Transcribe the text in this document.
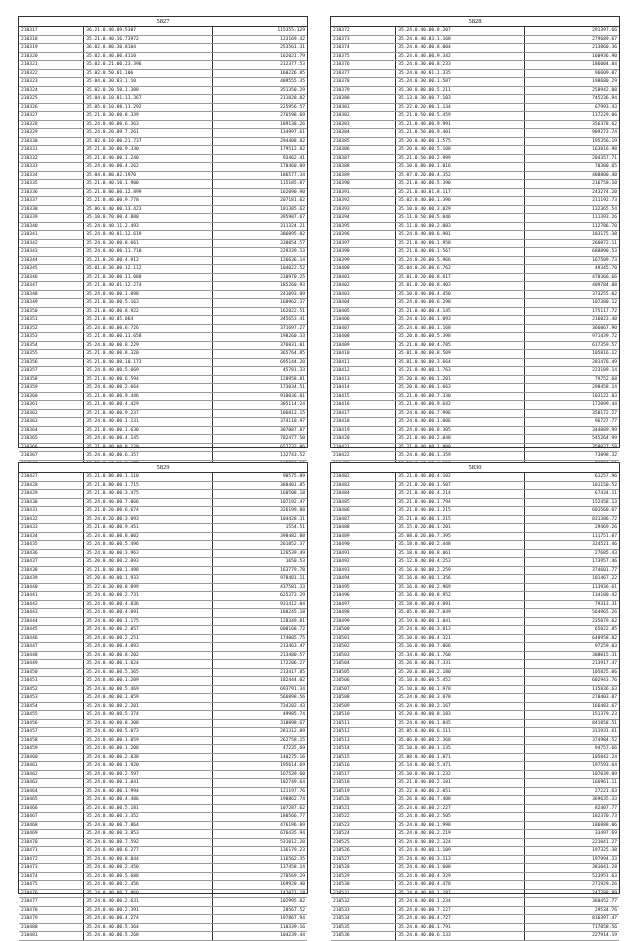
5827
210317	36.21.0.40.09.5307	115355.129
210318	35.21.0.40.16.73972	123169.42
210319	36.02.0.80.30.8104	253561.31
210320	35.02.0.40.00.4110	162021.79
210321	35.02.0.21.00.23.396	212377.53
210322	35.02.0.50.01.106	160226.85
210323	35.04.0.30.03.1.10	489555.35
210324	35.02.0.20.50.1.308	351350.29
210325	35.04.0.10.01.11.367	211028.02
210326	35.05.0.10.08.11.292	225956.57
210327	35.21.0.30.00.8.339	276598.69
210328	35.24.0.40.00.6.363	189138.26
210329	35.24.0.20.09.7.261	134997.61
210330	35.02.0.10.00.21.737	294408.82
210331	35.21.0.30.00.9.330	179512.82
210332	35.21.0.40.00.1.240	93462.41
210333	35.24.0.40.00.4.262	178460.09
210334	35.04.0.80.02.1970	186577.34
210335	35.21.0.40.10.1.900	115185.87
210336	35.21.0.80.00.12.899	162090.90
210337	35.21.0.40.00.9.778	207181.62
210338	35.06.0.40.00.13.423	101385.62
210339	35.10.0.70.00.4.880	395987.67
210340	35.24.0.40.11.2.493	311324.21
210341	35.24.0.40.01.12.619	386095.02
210342	35.24.0.30.00.8.661	338054.57
210343	35.24.0.40.00.11.710	229339.13
210344	35.21.0.20.00.4.912	126636.14
210345	35.01.0.30.00.12.112	104022.52
210346	35.21.0.30.00.11.080	230970.25
210347	35.21.0.40.01.12.274	185260.93
210348	35.24.0.40.00.1.098	241093.09
210349	35.21.0.30.00.5.163	160962.37
210350	35.21.0.40.00.8.922	162822.51
210351	35.21.0.40.05.064	345653.41
210352	35.24.0.40.00.6.726	371697.27
210353	35.21.0.40.00.11.658	198260.33
210354	35.24.0.40.00.8.229	376831.01
210355	35.21.0.40.00.8.320	365764.85
210356	35.21.0.40.00.10.173	695144.20
210357	35.24.0.40.00.5.669	45781.33
210358	35.21.0.40.00.6.594	128958.81
210359	35.24.0.40.00.2.664	173034.51
210360	35.21.0.40.00.9.446	910036.01
210361	35.21.0.40.00.4.429	305114.24
210362	35.21.0.40.00.9.237	106813.15
210363	35.24.0.40.00.1.131	374118.97
210364	35.21.0.40.00.1.630	307087.87
210365	35.24.0.40.00.4.145	782477.50
210366	35.21.0.40.00.8.229	657732.86
210367	35.24.0.40.00.6.357	132743.52

5828
210372	35.24.0.40.00.8.207	291397.66
210373	35.24.0.40.03.1.168	279689.67
210374	35.24.0.40.00.8.004	213860.36
210375	35.24.0.40.00.9.342	160936.90
210376	35.24.0.30.00.8.233	186004.84
210377	35.24.0.40.01.1.335	96609.07
210378	35.24.0.30.00.1.587	198680.29
210379	35.30.0.80.00.5.211	258942.08
210380	35.13.0.30.00.7.103	745236.94
210381	35.22.0.20.00.1.134	67993.43
210382	35.21.0.50.00.5.459	117229.06
210383	35.21.0.40.00.9.991	356378.62
210384	35.21.0.50.00.9.401	989273.74
210385	35.20.0.40.00.1.575	195356.19
210386	35.20.0.40.00.5.108	163816.98
210387	35.21.0.50.00.2.999	204357.71
210388	35.10.0.80.00.1.016	70300.65
210389	35.07.0.20.00.4.352	408800.40
210390	35.21.0.40.00.5.390	216758.10
210391	35.21.0.40.01.8.117	243274.20
210392	35.02.0.40.00.1.390	211192.73
210393	35.10.0.40.00.3.029	132365.54
210394	35.11.0.50.00.5.046	111393.26
210395	35.11.0.40.00.2.083	112786.70
210396	35.24.0.40.00.6.901	183175.38
210397	35.21.0.40.00.1.958	266072.11
210398	35.21.0.40.00.1.567	688890.53
210399	35.24.0.20.00.5.966	167509.73
210400	35.04.0.20.00.6.762	49345.70
210401	35.01.0.20.00.8.617	470366.66
210402	35.01.0.20.00.8.403	409784.08
210403	35.10.0.40.00.4.450	373255.02
210404	35.24.0.40.00.6.298	107380.12
210405	35.21.0.40.00.4.145	175117.72
210406	35.24.0.10.00.1.093	216023.40
210407	35.24.0.40.00.1.168	366067.90
210408	35.20.0.40.00.5.398	971439.72
210409	35.21.0.40.00.4.705	617359.57
210410	35.01.0.40.00.8.509	105816.12
210411	35.01.0.40.00.3.664	281476.49
210412	35.21.0.40.00.1.763	223189.14
210413	35.20.0.40.00.1.201	79752.68
210414	35.20.0.40.00.1.663	298458.14
210415	35.21.0.40.00.7.330	103122.83
210416	35.21.0.40.00.9.642	172099.44
210417	35.24.0.40.00.7.996	350172.27
210418	35.24.0.40.00.1.006	96727.77
210419	35.24.0.40.00.8.305	344089.99
210420	35.21.0.40.00.2.048	545264.99
210421	35.21.0.40.00.1.900	359027.58
210422	35.24.0.40.00.1.359	73898.32

5829
210427	35.21.0.80.00.1.110	90575.89
210428	35.21.0.80.00.1.715	388401.85
210429	35.21.0.40.00.3.475	160508.18
210430	35.24.0.40.00.7.066	107192.47
210431	35.21.0.20.00.6.674	326199.88
210432	35.24.0.20.00.3.093	104428.31
210433	35.21.0.40.00.9.451	1554.51
210434	35.24.0.40.00.8.002	398482.88
210435	35.24.0.40.00.5.496	261852.37
210436	35.24.0.40.00.3.963	126539.49
210437	35.20.0.40.00.2.093	1650.53
210438	35.21.0.40.00.1.498	163779.78
210439	35.20.0.40.00.1.933	978481.11
210440	35.22.0.30.00.8.899	437581.33
210441	35.24.0.40.00.2.731	625373.29
210442	35.24.0.40.00.4.836	931412.04
210443	35.24.0.40.00.4.091	180245.18
210444	35.24.0.40.00.1.175	128349.01
210445	35.24.0.40.00.2.057	600168.72
210446	35.24.0.40.00.2.251	174005.75
210447	35.24.0.40.00.4.093	213463.47
210448	35.24.0.40.00.8.202	213480.57
210449	35.24.0.40.00.1.024	172206.27
210450	35.24.0.40.00.5.365	213417.85
210451	35.24.0.40.00.1.209	182444.02
210452	35.24.0.40.00.5.469	693791.34
210453	35.24.0.40.00.1.059	566898.56
210454	35.24.0.40.00.2.201	734202.43
210455	35.24.0.40.00.5.374	49985.74
210456	35.24.0.40.00.8.308	318898.67
210457	35.24.0.40.00.5.073	281312.09
210458	35.24.0.40.00.1.059	262758.15
210459	35.24.0.40.00.1.208	47235.69
210460	35.24.0.40.00.2.038	140275.16
210461	35.24.0.40.00.1.920	195614.69
210462	35.24.0.40.00.2.597	167539.60
210463	35.24.0.40.00.1.041	182749.64
210464	35.24.0.40.00.1.994	121197.76
210465	35.24.0.40.00.4.486	198862.74
210466	35.24.0.40.00.5.181	107287.62
210467	35.24.0.40.00.3.352	180566.77
210468	35.24.0.40.00.7.864	476196.09
210469	35.24.0.40.00.3.853	676435.94
210470	35.24.0.40.00.7.592	531012.20
210471	35.24.0.40.00.6.277	136179.23
210472	35.24.0.40.00.8.044	116562.35
210473	35.24.0.40.00.2.450	137458.14
210474	35.24.0.40.00.5.688	270569.29
210475	35.24.0.40.00.2.456	169920.40
210476	35.24.0.40.00.7.860	142071.18
210477	35.24.0.40.00.2.631	102995.02
210478	35.24.0.40.00.2.391	28567.52
210479	35.24.0.40.00.4.274	197867.94
210480	35.24.0.40.00.5.364	110339.16
210481	35.24.0.40.00.5.268	104239.44
5830
210482	35.21.0.40.00.4.102	61257.96
210483	35.21.0.20.00.1.507	101150.52
210484	35.21.0.40.00.4.214	67434.11
210485	35.21.0.40.00.1.794	152458.13
210486	35.21.0.40.00.1.215	601560.07
210487	35.21.0.40.00.1.215	831386.72
210488	35.15.0.20.00.1.201	29469.26
210489	35.08.0.20.00.7.395	111751.07
210490	35.18.0.40.00.2.448	324521.46
210491	35.18.0.40.00.8.061	27685.43
210492	35.12.0.40.00.4.253	173957.46
210493	35.16.0.40.00.2.259	374601.77
210494	35.16.0.40.00.1.356	101467.22
210495	35.16.0.40.00.2.969	113936.61
210496	35.16.0.40.00.8.952	134180.42
210497	35.18.0.40.00.4.091	79313.31
210498	35.05.0.40.00.7.049	564965.26
210499	35.19.0.40.00.1.041	235079.62
210500	35.24.0.40.00.3.013	65022.85
210501	35.10.0.40.00.4.321	640958.82
210502	35.16.0.40.00.7.066	97259.03
210503	35.34.0.40.00.1.760	308015.31
210504	35.26.0.40.00.7.331	213917.47
210505	35.20.0.40.00.2.180	105825.06
210506	35.10.0.40.00.5.452	602943.76
210507	35.10.0.40.00.1.978	115836.63
210508	35.24.0.40.00.3.078	270403.07
210509	35.24.0.40.00.2.167	166483.67
210510	35.20.0.40.00.8.183	151379.23
210511	35.24.0.40.00.1.845	841858.51
210512	35.05.0.40.00.6.111	311931.61
210513	35.06.0.40.00.2.368	374984.52
210514	35.10.0.40.00.1.135	94757.66
210515	35.08.0.40.00.1.871	105842.24
210516	35.14.0.40.00.5.471	197593.64
210517	35.10.0.40.00.1.232	107039.09
210518	35.21.0.40.00.2.181	166961.11
210519	35.22.0.40.00.2.051	27221.63
210520	35.26.0.40.00.7.408	369635.33
210521	35.24.0.40.00.2.227	82407.77
210522	35.24.0.40.00.2.505	182370.73
210523	35.24.0.40.00.1.998	186888.06
210524	35.24.0.40.00.2.219	33497.69
210525	35.24.0.40.00.2.324	221041.27
210526	35.24.0.40.00.1.109	197325.38
210527	35.24.0.40.00.3.113	197994.33
210528	35.24.0.40.00.1.608	381041.28
210529	35.24.0.40.00.4.329	523951.63
210530	35.24.0.40.00.4.478	271929.26
210531	35.24.0.40.00.1.287	247288.89
210532	35.24.0.40.00.1.234	360452.77
210533	35.24.0.40.00.7.127	29534.76
210534	35.24.0.40.00.4.727	816397.47
210535	35.24.0.40.00.1.791	717058.56
210536	35.24.0.40.00.6.133	227914.19
